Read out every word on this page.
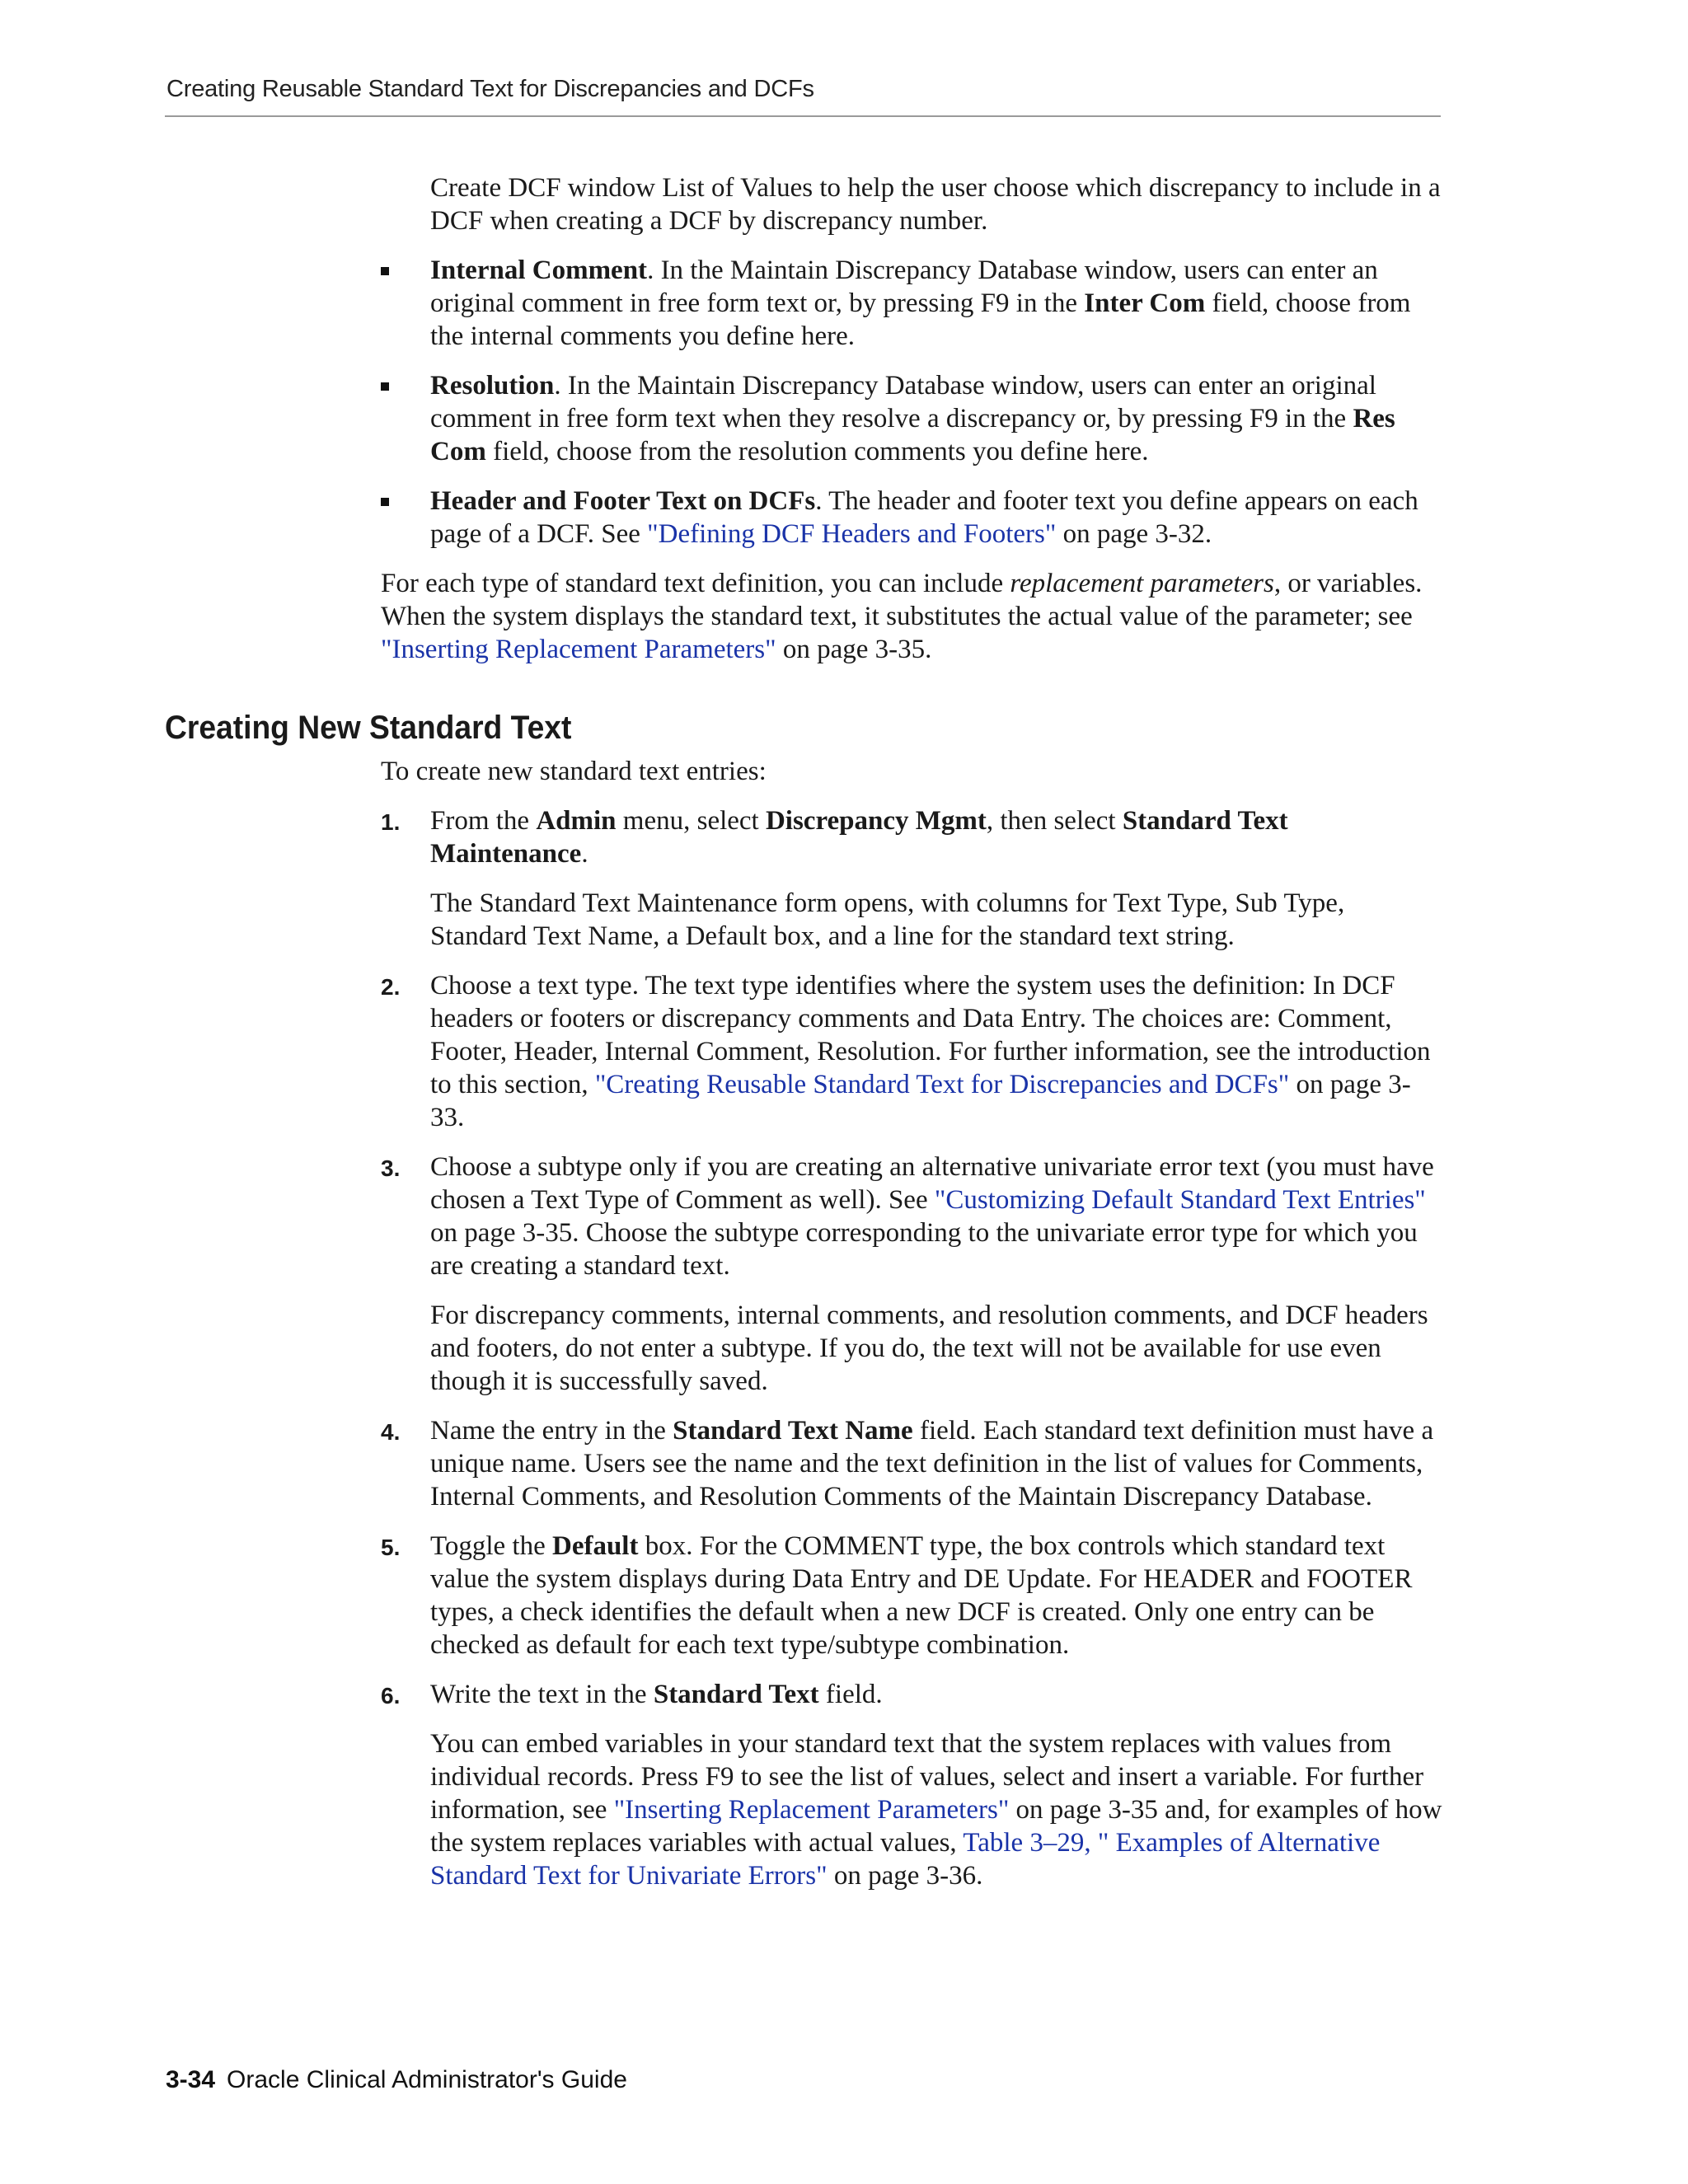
Creating Reusable Standard Text for Discrepancies and DCFs

Create DCF window List of Values to help the user choose which discrepancy to include in a DCF when creating a DCF by discrepancy number.

Internal Comment. In the Maintain Discrepancy Database window, users can enter an original comment in free form text or, by pressing F9 in the Inter Com field, choose from the internal comments you define here.
Resolution. In the Maintain Discrepancy Database window, users can enter an original comment in free form text when they resolve a discrepancy or, by pressing F9 in the Res Com field, choose from the resolution comments you define here.
Header and Footer Text on DCFs. The header and footer text you define appears on each page of a DCF. See "Defining DCF Headers and Footers" on page 3-32.

For each type of standard text definition, you can include replacement parameters, or variables. When the system displays the standard text, it substitutes the actual value of the parameter; see "Inserting Replacement Parameters" on page 3-35.

Creating New Standard Text

To create new standard text entries:

1. From the Admin menu, select Discrepancy Mgmt, then select Standard Text Maintenance.

The Standard Text Maintenance form opens, with columns for Text Type, Sub Type, Standard Text Name, a Default box, and a line for the standard text string.

2. Choose a text type. The text type identifies where the system uses the definition: In DCF headers or footers or discrepancy comments and Data Entry. The choices are: Comment, Footer, Header, Internal Comment, Resolution. For further information, see the introduction to this section, "Creating Reusable Standard Text for Discrepancies and DCFs" on page 3-33.

3. Choose a subtype only if you are creating an alternative univariate error text (you must have chosen a Text Type of Comment as well). See "Customizing Default Standard Text Entries" on page 3-35. Choose the subtype corresponding to the univariate error type for which you are creating a standard text.

For discrepancy comments, internal comments, and resolution comments, and DCF headers and footers, do not enter a subtype. If you do, the text will not be available for use even though it is successfully saved.

4. Name the entry in the Standard Text Name field. Each standard text definition must have a unique name. Users see the name and the text definition in the list of values for Comments, Internal Comments, and Resolution Comments of the Maintain Discrepancy Database.

5. Toggle the Default box. For the COMMENT type, the box controls which standard text value the system displays during Data Entry and DE Update. For HEADER and FOOTER types, a check identifies the default when a new DCF is created. Only one entry can be checked as default for each text type/subtype combination.

6. Write the text in the Standard Text field.

You can embed variables in your standard text that the system replaces with values from individual records. Press F9 to see the list of values, select and insert a variable. For further information, see "Inserting Replacement Parameters" on page 3-35 and, for examples of how the system replaces variables with actual values, Table 3–29, " Examples of Alternative Standard Text for Univariate Errors" on page 3-36.

3-34 Oracle Clinical Administrator's Guide
